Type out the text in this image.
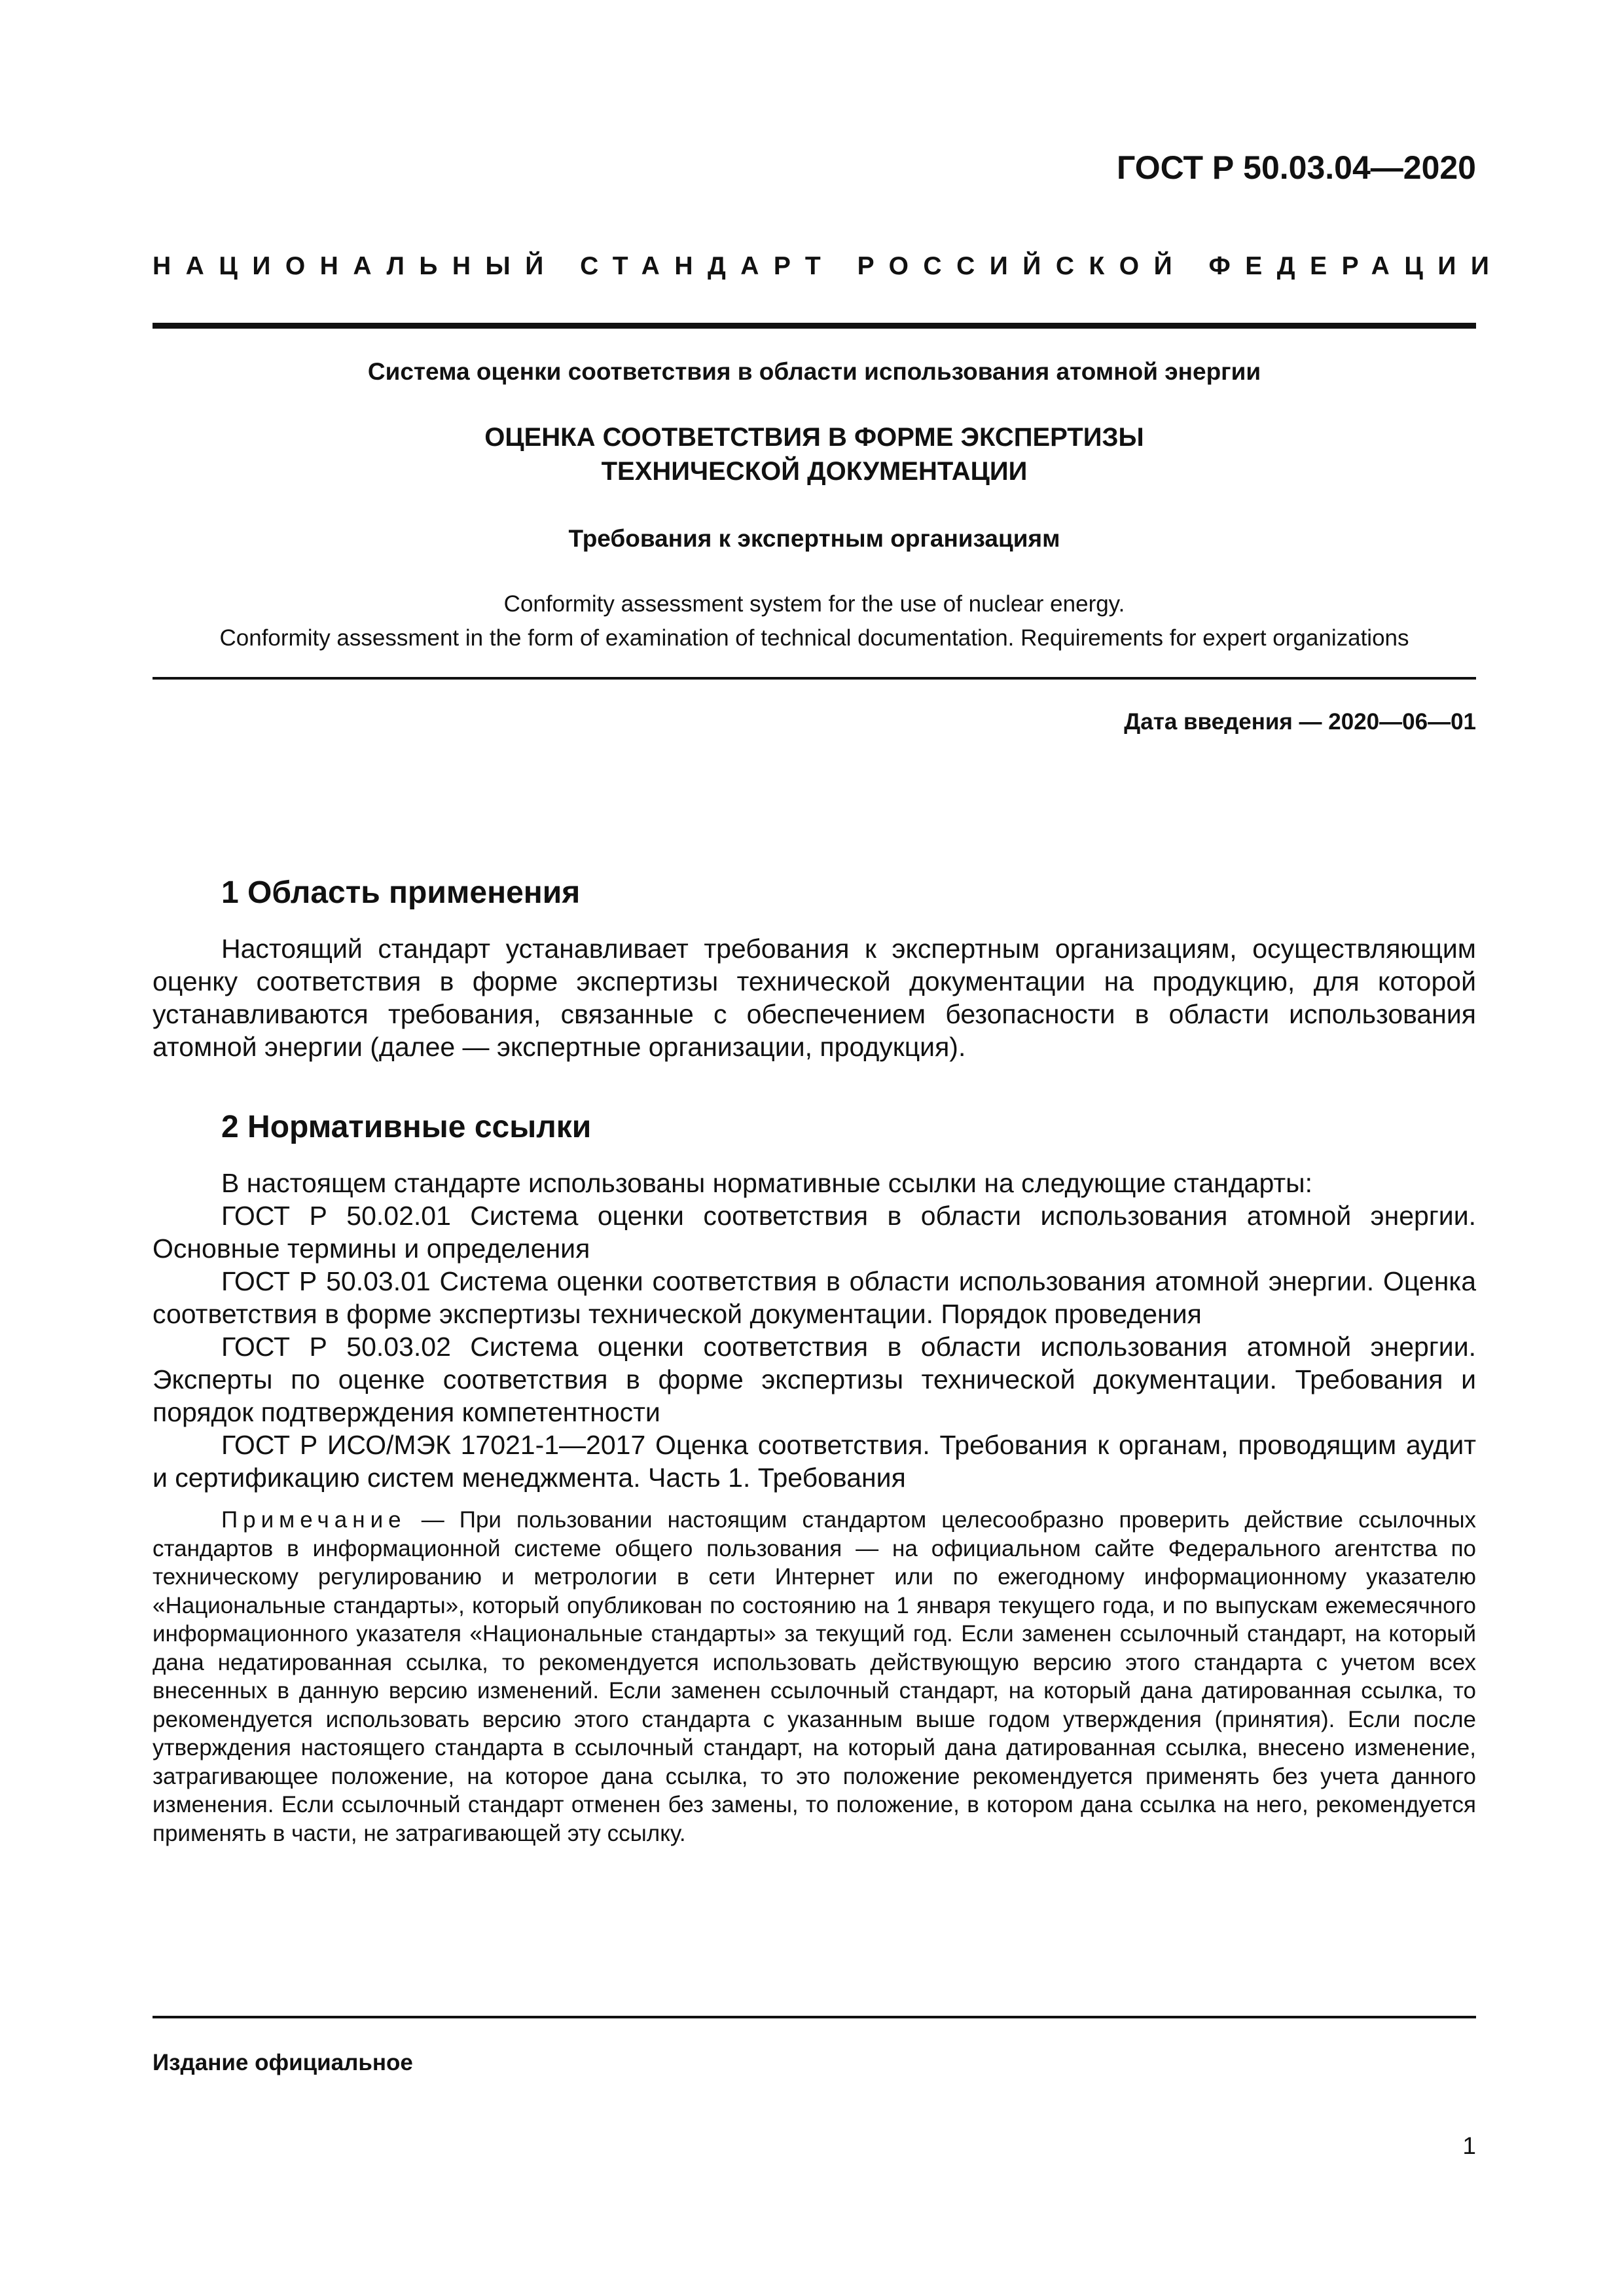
ГОСТ Р 50.03.04—2020
НАЦИОНАЛЬНЫЙ СТАНДАРТ РОССИЙСКОЙ ФЕДЕРАЦИИ
Система оценки соответствия в области использования атомной энергии
ОЦЕНКА СООТВЕТСТВИЯ В ФОРМЕ ЭКСПЕРТИЗЫ
ТЕХНИЧЕСКОЙ ДОКУМЕНТАЦИИ
Требования к экспертным организациям
Conformity assessment system for the use of nuclear energy.
Conformity assessment in the form of examination of technical documentation. Requirements for expert organizations
Дата введения — 2020—06—01
1 Область применения

Настоящий стандарт устанавливает требования к экспертным организациям, осуществляющим оценку соответствия в форме экспертизы технической документации на продукцию, для которой устанавливаются требования, связанные с обеспечением безопасности в области использования атомной энергии (далее — экспертные организации, продукция).

2 Нормативные ссылки

В настоящем стандарте использованы нормативные ссылки на следующие стандарты:

ГОСТ Р 50.02.01 Система оценки соответствия в области использования атомной энергии. Основные термины и определения

ГОСТ Р 50.03.01 Система оценки соответствия в области использования атомной энергии. Оценка соответствия в форме экспертизы технической документации. Порядок проведения

ГОСТ Р 50.03.02 Система оценки соответствия в области использования атомной энергии. Эксперты по оценке соответствия в форме экспертизы технической документации. Требования и порядок подтверждения компетентности

ГОСТ Р ИСО/МЭК 17021-1—2017 Оценка соответствия. Требования к органам, проводящим аудит и сертификацию систем менеджмента. Часть 1. Требования

Примечание — При пользовании настоящим стандартом целесообразно проверить действие ссылочных стандартов в информационной системе общего пользования — на официальном сайте Федерального агентства по техническому регулированию и метрологии в сети Интернет или по ежегодному информационному указателю «Национальные стандарты», который опубликован по состоянию на 1 января текущего года, и по выпускам ежемесячного информационного указателя «Национальные стандарты» за текущий год. Если заменен ссылочный стандарт, на который дана недатированная ссылка, то рекомендуется использовать действующую версию этого стандарта с учетом всех внесенных в данную версию изменений. Если заменен ссылочный стандарт, на который дана датированная ссылка, то рекомендуется использовать версию этого стандарта с указанным выше годом утверждения (принятия). Если после утверждения настоящего стандарта в ссылочный стандарт, на который дана датированная ссылка, внесено изменение, затрагивающее положение, на которое дана ссылка, то это положение рекомендуется применять без учета данного изменения. Если ссылочный стандарт отменен без замены, то положение, в котором дана ссылка на него, рекомендуется применять в части, не затрагивающей эту ссылку.
Издание официальное
1
